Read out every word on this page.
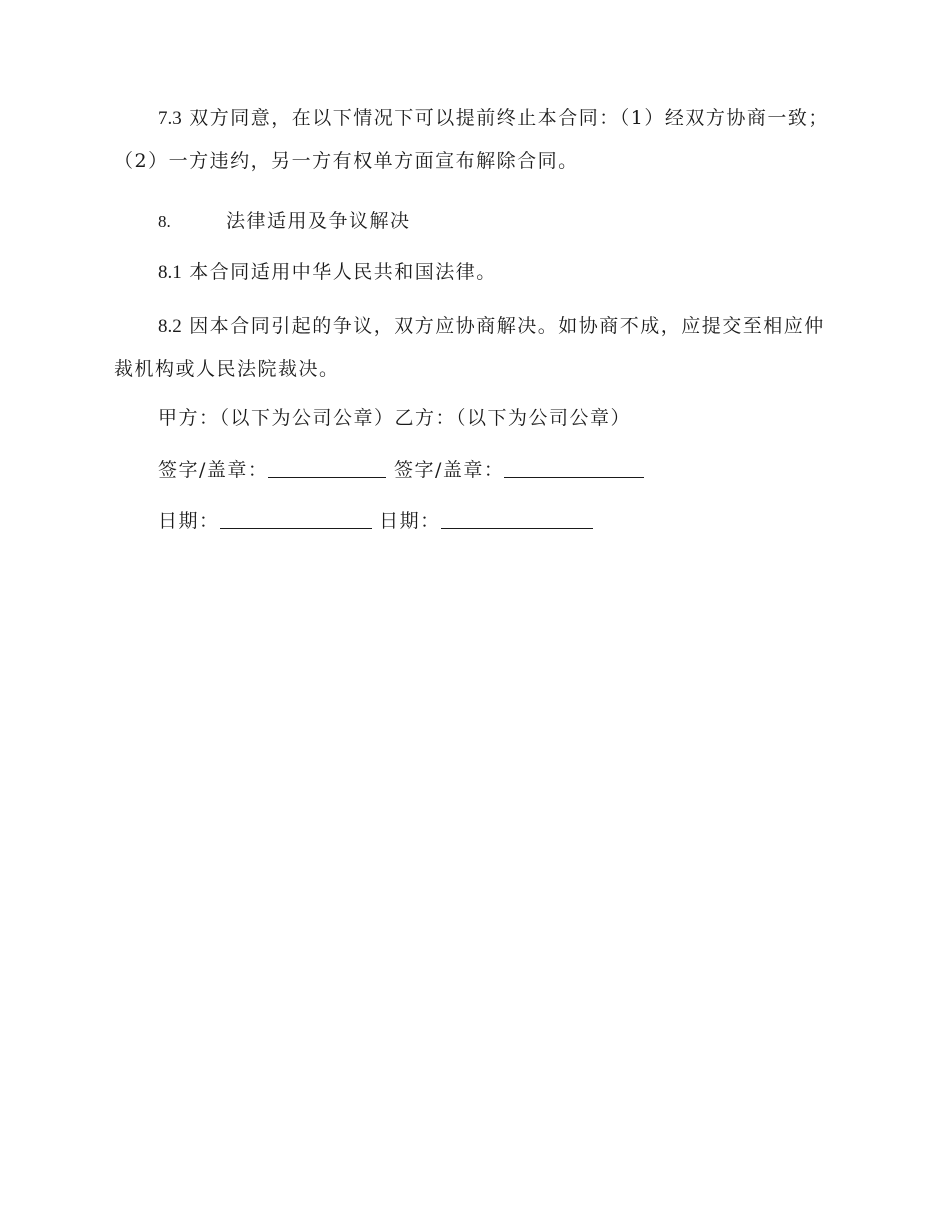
7.3 双方同意，在以下情况下可以提前终止本合同：（1）经双方协商一致；（2）一方违约，另一方有权单方面宣布解除合同。

8.	法律适用及争议解决

8.1 本合同适用中华人民共和国法律。

8.2 因本合同引起的争议，双方应协商解决。如协商不成，应提交至相应仲裁机构或人民法院裁决。

甲方：（以下为公司公章）乙方：（以下为公司公章）

签字/盖章：	签字/盖章：

日期：	日期：
